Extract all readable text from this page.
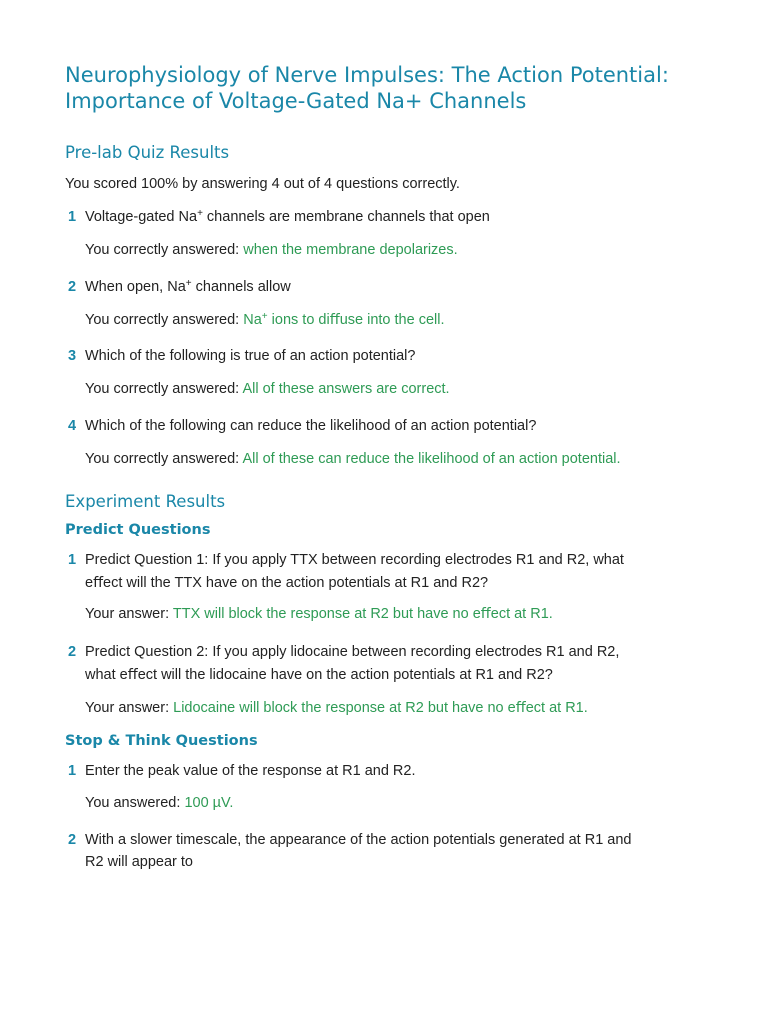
Neurophysiology of Nerve Impulses: The Action Potential: Importance of Voltage-Gated Na+ Channels
Pre-lab Quiz Results

You scored 100% by answering 4 out of 4 questions correctly.

1 Voltage-gated Na+ channels are membrane channels that open

You correctly answered: when the membrane depolarizes.

2 When open, Na+ channels allow

You correctly answered: Na+ ions to diﬀuse into the cell.

3 Which of the following is true of an action potential?

You correctly answered: All of these answers are correct.

4 Which of the following can reduce the likelihood of an action potential?

You correctly answered: All of these can reduce the likelihood of an action potential.

Experiment Results
Predict Questions
1 Predict Question 1: If you apply TTX between recording electrodes R1 and R2, what

eﬀect will the TTX have on the action potentials at R1 and R2?

Your answer: TTX will block the response at R2 but have no eﬀect at R1.

2 Predict Question 2: If you apply lidocaine between recording electrodes R1 and R2,

what eﬀect will the lidocaine have on the action potentials at R1 and R2?

Your answer: Lidocaine will block the response at R2 but have no eﬀect at R1.

Stop & Think Questions
1 Enter the peak value of the response at R1 and R2.

You answered: 100 µV.

2 With a slower timescale, the appearance of the action potentials generated at R1 and

R2 will appear to
